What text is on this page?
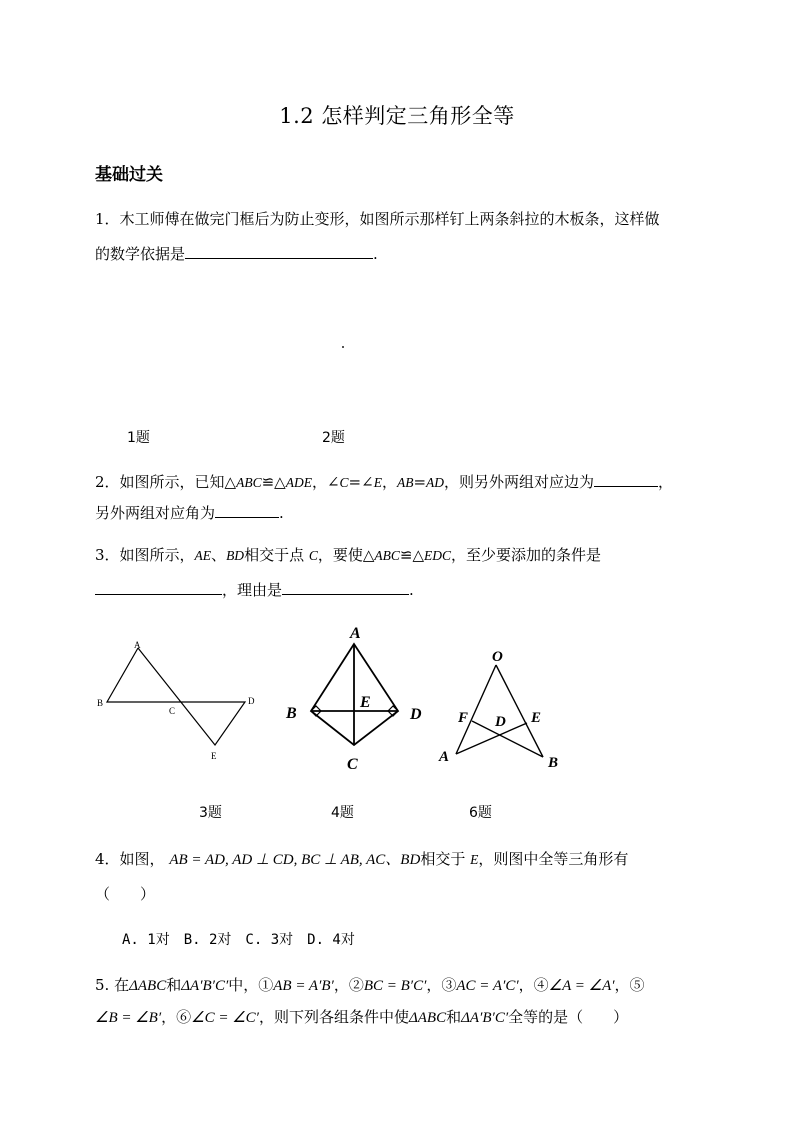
1.2 怎样判定三角形全等
基础过关
1．木工师傅在做完门框后为防止变形，如图所示那样钉上两条斜拉的木板条，这样做
的数学依据是	.
1题	2题
2．如图所示，已知△ABC≌△ADE，∠C=∠E，AB=AD，则另外两组对应边为	，
另外两组对应角为	.
3．如图所示，AE、BD相交于点 C，要使△ABC≌△EDC，至少要添加的条件是
，理由是	.
A
B
C
D
E
A
B
E
D
C
O
F D E
A	B
3题	4题	6题
4．如图， AB = AD, AD ⊥ CD, BC ⊥ AB, AC、BD相交于 E，则图中全等三角形有
（　　）
A. 1对　B. 2对　C. 3对　D. 4对
5. 在ΔABC和ΔA′B′C′中，①AB = A′B′，②BC = B′C′，③AC = A′C′，④∠A = ∠A′，⑤
∠B = ∠B′，⑥∠C = ∠C′，则下列各组条件中使ΔABC和ΔA′B′C′全等的是（　　）
